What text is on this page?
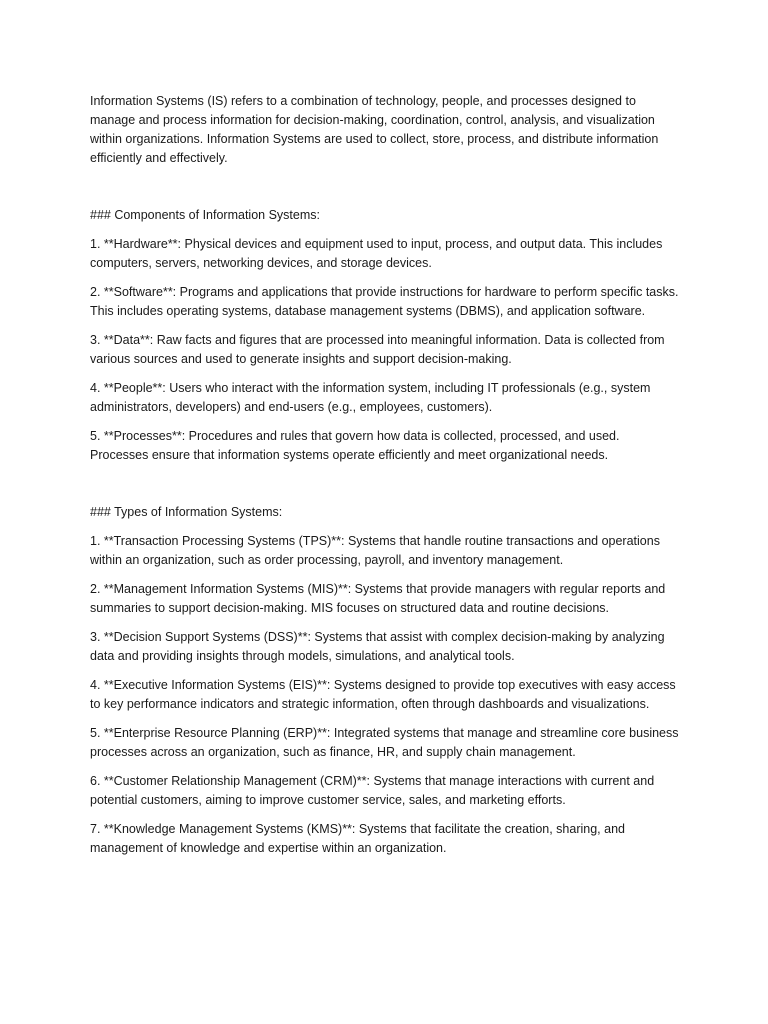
Information Systems (IS) refers to a combination of technology, people, and processes designed to manage and process information for decision-making, coordination, control, analysis, and visualization within organizations. Information Systems are used to collect, store, process, and distribute information efficiently and effectively.

### Components of Information Systems:

1. **Hardware**: Physical devices and equipment used to input, process, and output data. This includes computers, servers, networking devices, and storage devices.

2. **Software**: Programs and applications that provide instructions for hardware to perform specific tasks. This includes operating systems, database management systems (DBMS), and application software.

3. **Data**: Raw facts and figures that are processed into meaningful information. Data is collected from various sources and used to generate insights and support decision-making.

4. **People**: Users who interact with the information system, including IT professionals (e.g., system administrators, developers) and end-users (e.g., employees, customers).

5. **Processes**: Procedures and rules that govern how data is collected, processed, and used. Processes ensure that information systems operate efficiently and meet organizational needs.

### Types of Information Systems:

1. **Transaction Processing Systems (TPS)**: Systems that handle routine transactions and operations within an organization, such as order processing, payroll, and inventory management.

2. **Management Information Systems (MIS)**: Systems that provide managers with regular reports and summaries to support decision-making. MIS focuses on structured data and routine decisions.

3. **Decision Support Systems (DSS)**: Systems that assist with complex decision-making by analyzing data and providing insights through models, simulations, and analytical tools.

4. **Executive Information Systems (EIS)**: Systems designed to provide top executives with easy access to key performance indicators and strategic information, often through dashboards and visualizations.

5. **Enterprise Resource Planning (ERP)**: Integrated systems that manage and streamline core business processes across an organization, such as finance, HR, and supply chain management.

6. **Customer Relationship Management (CRM)**: Systems that manage interactions with current and potential customers, aiming to improve customer service, sales, and marketing efforts.

7. **Knowledge Management Systems (KMS)**: Systems that facilitate the creation, sharing, and management of knowledge and expertise within an organization.
